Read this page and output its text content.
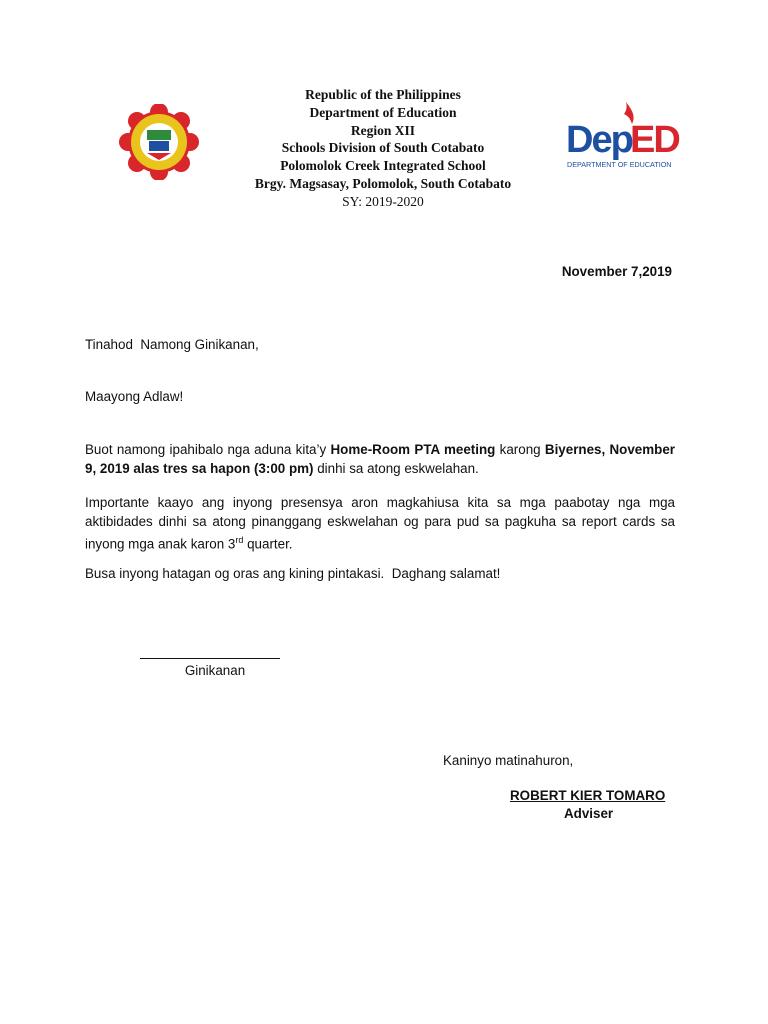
Republic of the Philippines
Department of Education
Region XII
Schools Division of South Cotabato
Polomolok Creek Integrated School
Brgy. Magsasay, Polomolok, South Cotabato
SY: 2019-2020
Dep
ED
DEPARTMENT OF EDUCATION
November 7,2019
Tinahod  Namong Ginikanan,
Maayong Adlaw!
Buot namong ipahibalo nga aduna kita’y Home-Room PTA meeting karong Biyernes, November 9, 2019 alas tres sa hapon (3:00 pm) dinhi sa atong eskwelahan.
Importante kaayo ang inyong presensya aron magkahiusa kita sa mga paabotay nga mga aktibidades dinhi sa atong pinanggang eskwelahan og para pud sa pagkuha sa report cards sa inyong mga anak karon 3rd quarter.
Busa inyong hatagan og oras ang kining pintakasi.  Daghang salamat!
Ginikanan
Kaninyo matinahuron,
ROBERT KIER TOMARO
Adviser
